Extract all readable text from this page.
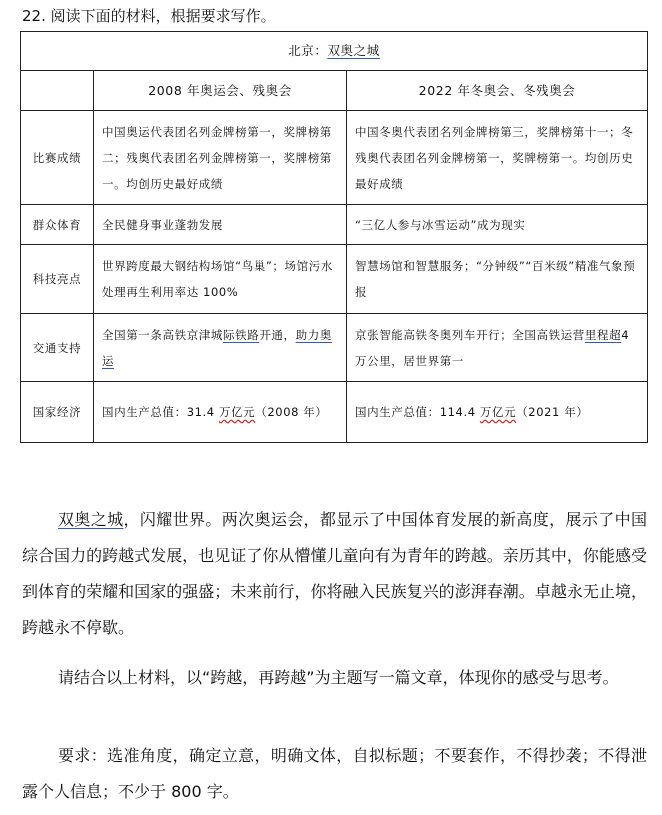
22. 阅读下面的材料，根据要求写作。
北京：双奥之城		
	2008 年奥运会、残奥会	2022 年冬奥会、冬残奥会
比赛成绩	中国奥运代表团名列金牌榜第一，奖牌榜第二；残奥代表团名列金牌榜第一，奖牌榜第一。均创历史最好成绩	中国冬奥代表团名列金牌榜第三，奖牌榜第十一；冬残奥代表团名列金牌榜第一，奖牌榜第一。均创历史最好成绩
群众体育	全民健身事业蓬勃发展	“三亿人参与冰雪运动”成为现实
科技亮点	世界跨度最大钢结构场馆“鸟巢”；场馆污水处理再生利用率达 100%	智慧场馆和智慧服务；“分钟级”“百米级”精准气象预报
交通支持	全国第一条高铁京津城际铁路开通，助力奥运	京张智能高铁冬奥列车开行；全国高铁运营里程超4 万公里，居世界第一
国家经济	国内生产总值：31.4 万亿元（2008 年）	国内生产总值：114.4 万亿元（2021 年）
双奥之城，闪耀世界。两次奥运会，都显示了中国体育发展的新高度，展示了中国综合国力的跨越式发展，也见证了你从懵懂儿童向有为青年的跨越。亲历其中，你能感受到体育的荣耀和国家的强盛；未来前行，你将融入民族复兴的澎湃春潮。卓越永无止境，跨越永不停歇。
请结合以上材料，以“跨越，再跨越”为主题写一篇文章，体现你的感受与思考。
要求：选准角度，确定立意，明确文体，自拟标题；不要套作，不得抄袭；不得泄露个人信息；不少于 800 字。
